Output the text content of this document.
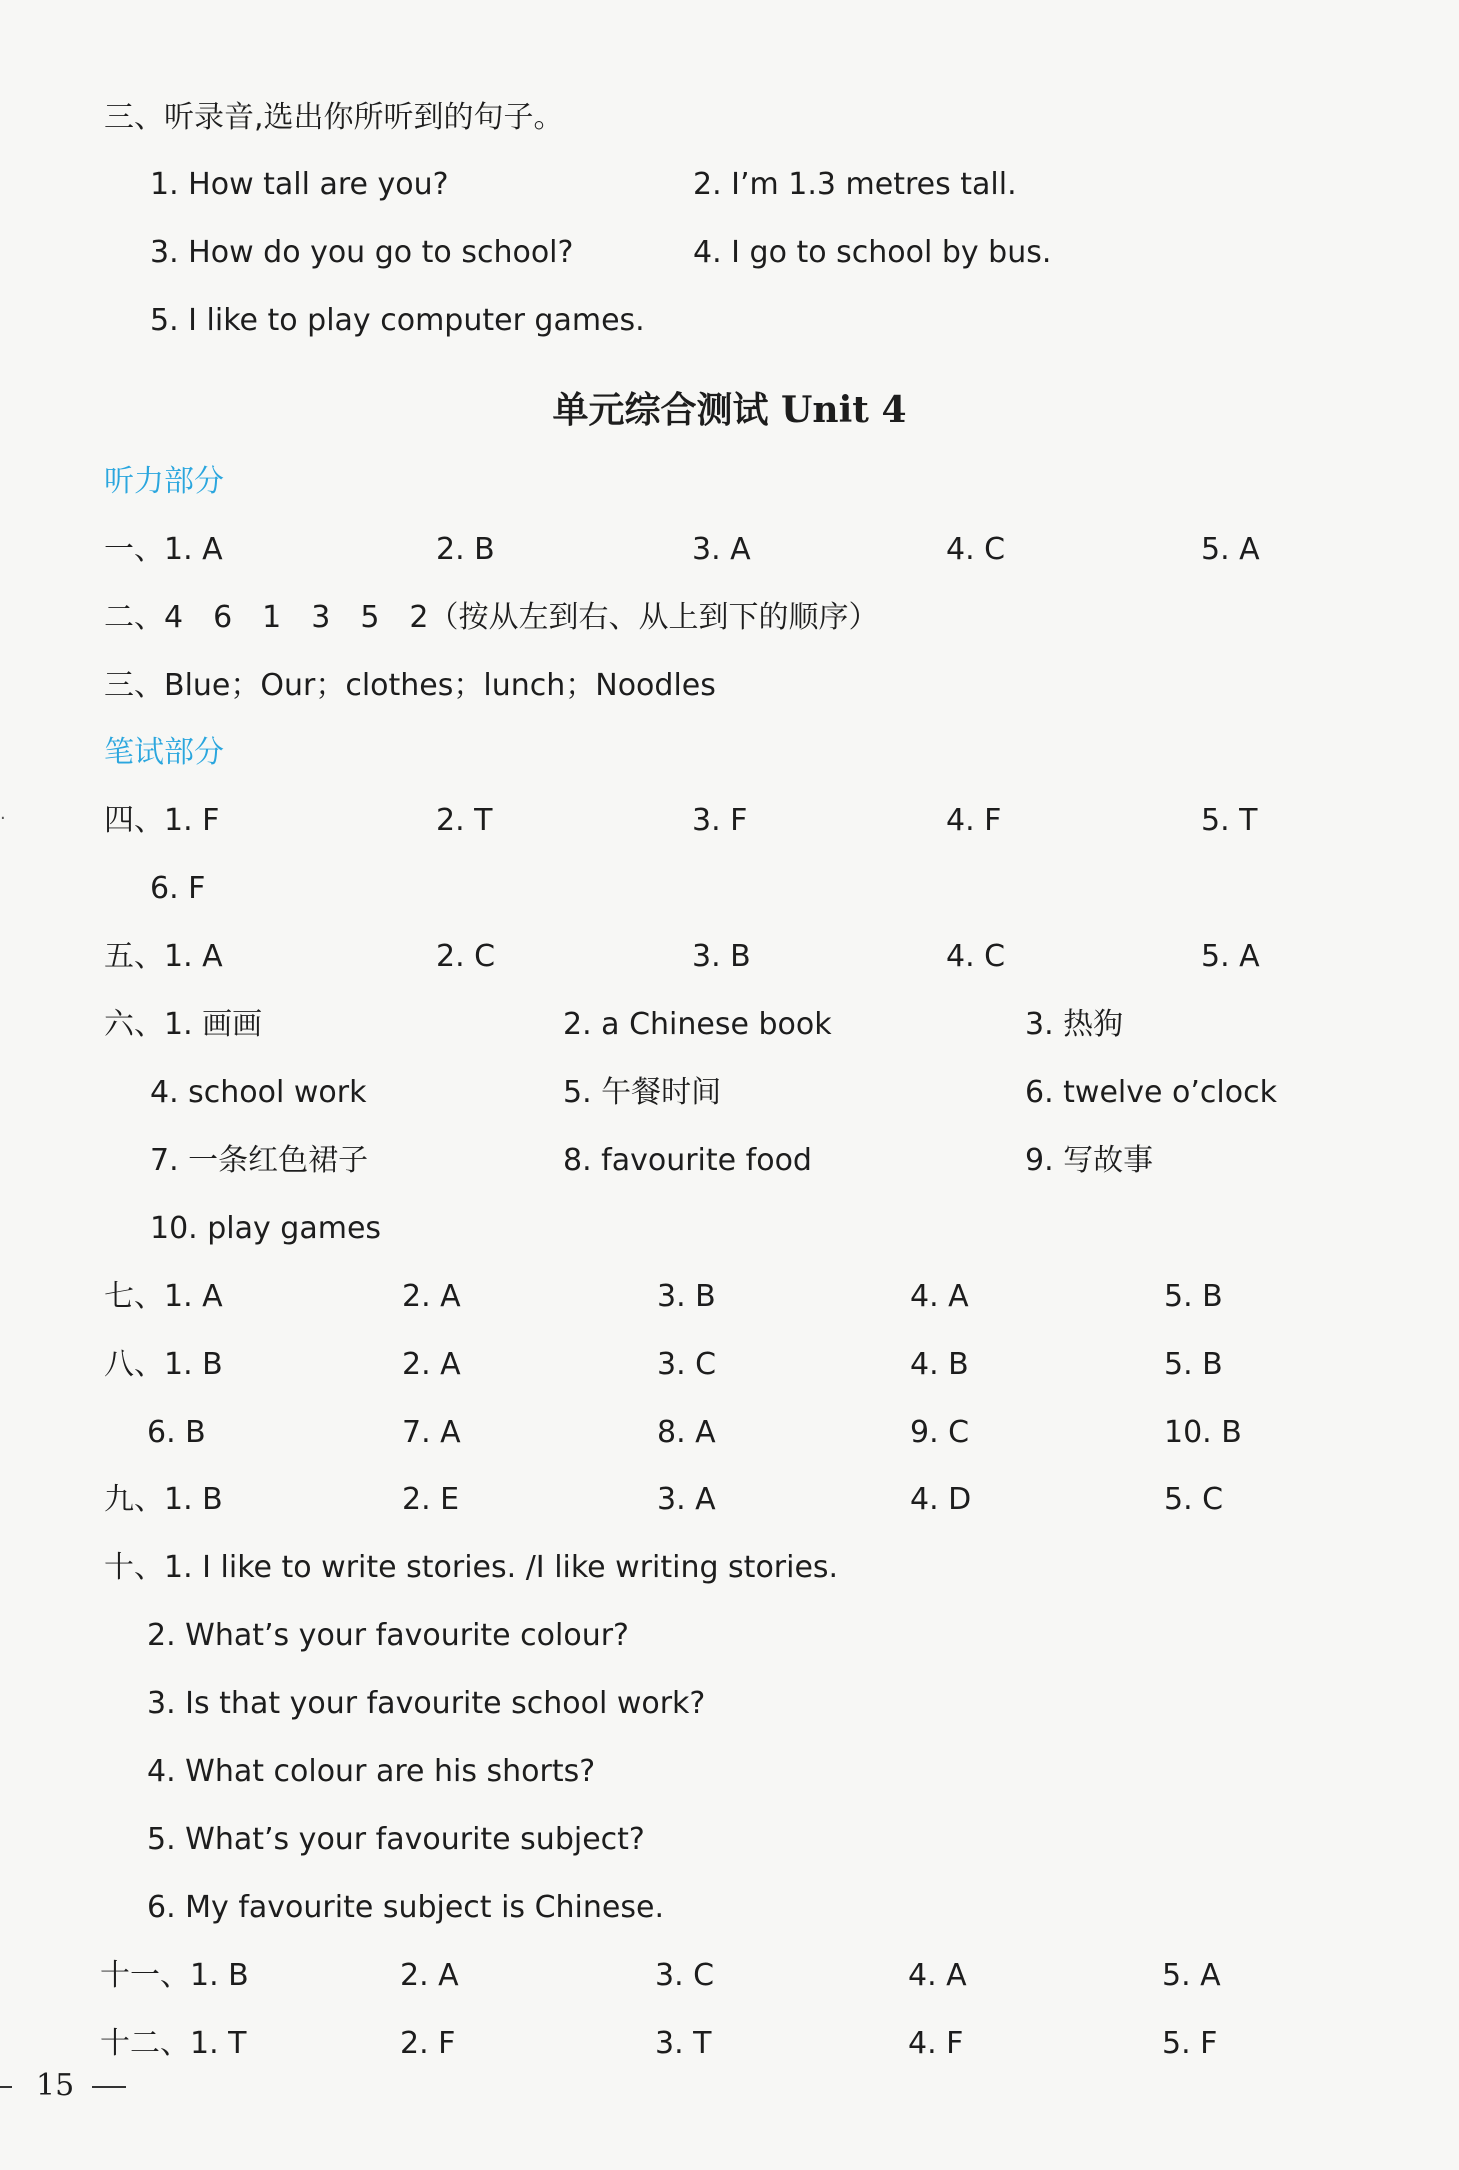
三、听录音,选出你所听到的句子。
1. How tall are you?	2. I’m 1.3 metres tall.
3. How do you go to school?	4. I go to school by bus.
5. I like to play computer games.
单元综合测试 Unit 4
听力部分
一、1. A	2. B	3. A	4. C	5. A
二、4　6　1　3　5　2（按从左到右、从上到下的顺序）
三、Blue；Our；clothes；lunch；Noodles
笔试部分
·	四、1. F	2. T	3. F	4. F	5. T
6. F
五、1. A	2. C	3. B	4. C	5. A
六、1. 画画	2. a Chinese book	3. 热狗
4. school work	5. 午餐时间	6. twelve o’clock
7. 一条红色裙子	8. favourite food	9. 写故事
10. play games
七、1. A	2. A	3. B	4. A	5. B
八、1. B	2. A	3. C	4. B	5. B
6. B	7. A	8. A	9. C	10. B
九、1. B	2. E	3. A	4. D	5. C
十、1. I like to write stories. /I like writing stories.
2. What’s your favourite colour?
3. Is that your favourite school work?
4. What colour are his shorts?
5. What’s your favourite subject?
6. My favourite subject is Chinese.
十一、1. B	2. A	3. C	4. A	5. A
十二、1. T	2. F	3. T	4. F	5. F
15
